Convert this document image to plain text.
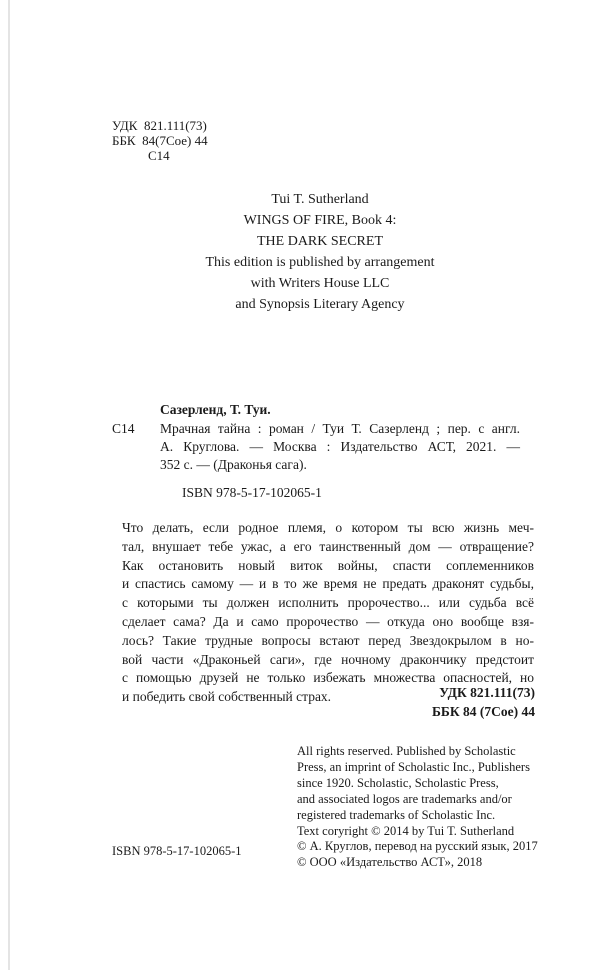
УДК 821.111(73)
ББК 84(7Сое) 44
С14
Tui T. Sutherland
WINGS OF FIRE, Book 4:
THE DARK SECRET
This edition is published by arrangement
with Writers House LLC
and Synopsis Literary Agency
Сазерленд, Т. Туи.
С14 Мрачная тайна : роман / Туи Т. Сазерленд ; пер. с англ.
А. Круглова. — Москва : Издательство АСТ, 2021. —
352 с. — (Драконья сага).
ISBN 978-5-17-102065-1
Что делать, если родное племя, о котором ты всю жизнь меч-
тал, внушает тебе ужас, а его таинственный дом — отвращение?
Как остановить новый виток войны, спасти соплеменников
и спастись самому — и в то же время не предать драконят судьбы,
с которыми ты должен исполнить пророчество... или судьба всё
сделает сама? Да и само пророчество — откуда оно вообще взя-
лось? Такие трудные вопросы встают перед Звездокрылом в но-
вой части «Драконьей саги», где ночному дракончику предстоит
с помощью друзей не только избежать множества опасностей, но
и победить свой собственный страх.	УДК 821.111(73)
ББК 84 (7Сое) 44
ISBN 978-5-17-102065-1
All rights reserved. Published by Scholastic
Press, an imprint of Scholastic Inc., Publishers
since 1920. Scholastic, Scholastic Press,
and associated logos are trademarks and/or
registered trademarks of Scholastic Inc.
Text coryright © 2014 by Tui T. Sutherland
© А. Круглов, перевод на русский язык, 2017
© ООО «Издательство АСТ», 2018
